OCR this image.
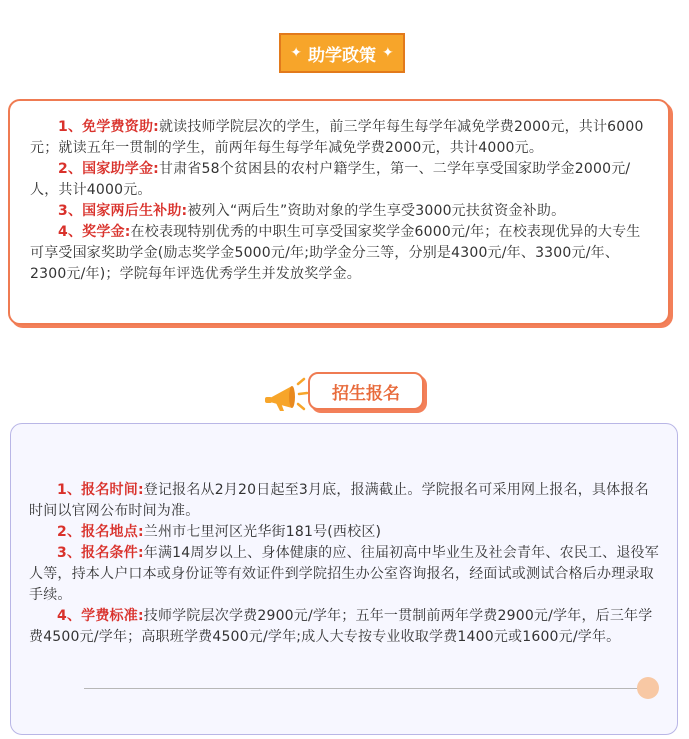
✦ 助学政策 ✦

1、免学费资助:就读技师学院层次的学生，前三学年每生每学年减免学费2000元，共计6000元；就读五年一贯制的学生，前两年每生每学年减免学费2000元，共计4000元。

2、国家助学金:甘肃省58个贫困县的农村户籍学生，第一、二学年享受国家助学金2000元/人，共计4000元。

3、国家两后生补助:被列入“两后生”资助对象的学生享受3000元扶贫资金补助。

4、奖学金:在校表现特别优秀的中职生可享受国家奖学金6000元/年；在校表现优异的大专生可享受国家奖助学金(励志奖学金5000元/年;助学金分三等，分别是4300元/年、3300元/年、2300元/年)；学院每年评选优秀学生并发放奖学金。

招生报名

1、报名时间:登记报名从2月20日起至3月底，报满截止。学院报名可采用网上报名，具体报名时间以官网公布时间为准。

2、报名地点:兰州市七里河区光华街181号(西校区)

3、报名条件:年满14周岁以上、身体健康的应、往届初高中毕业生及社会青年、农民工、退役军人等，持本人户口本或身份证等有效证件到学院招生办公室咨询报名，经面试或测试合格后办理录取手续。

4、学费标准:技师学院层次学费2900元/学年；五年一贯制前两年学费2900元/学年，后三年学费4500元/学年；高职班学费4500元/学年;成人大专按专业收取学费1400元或1600元/学年。
